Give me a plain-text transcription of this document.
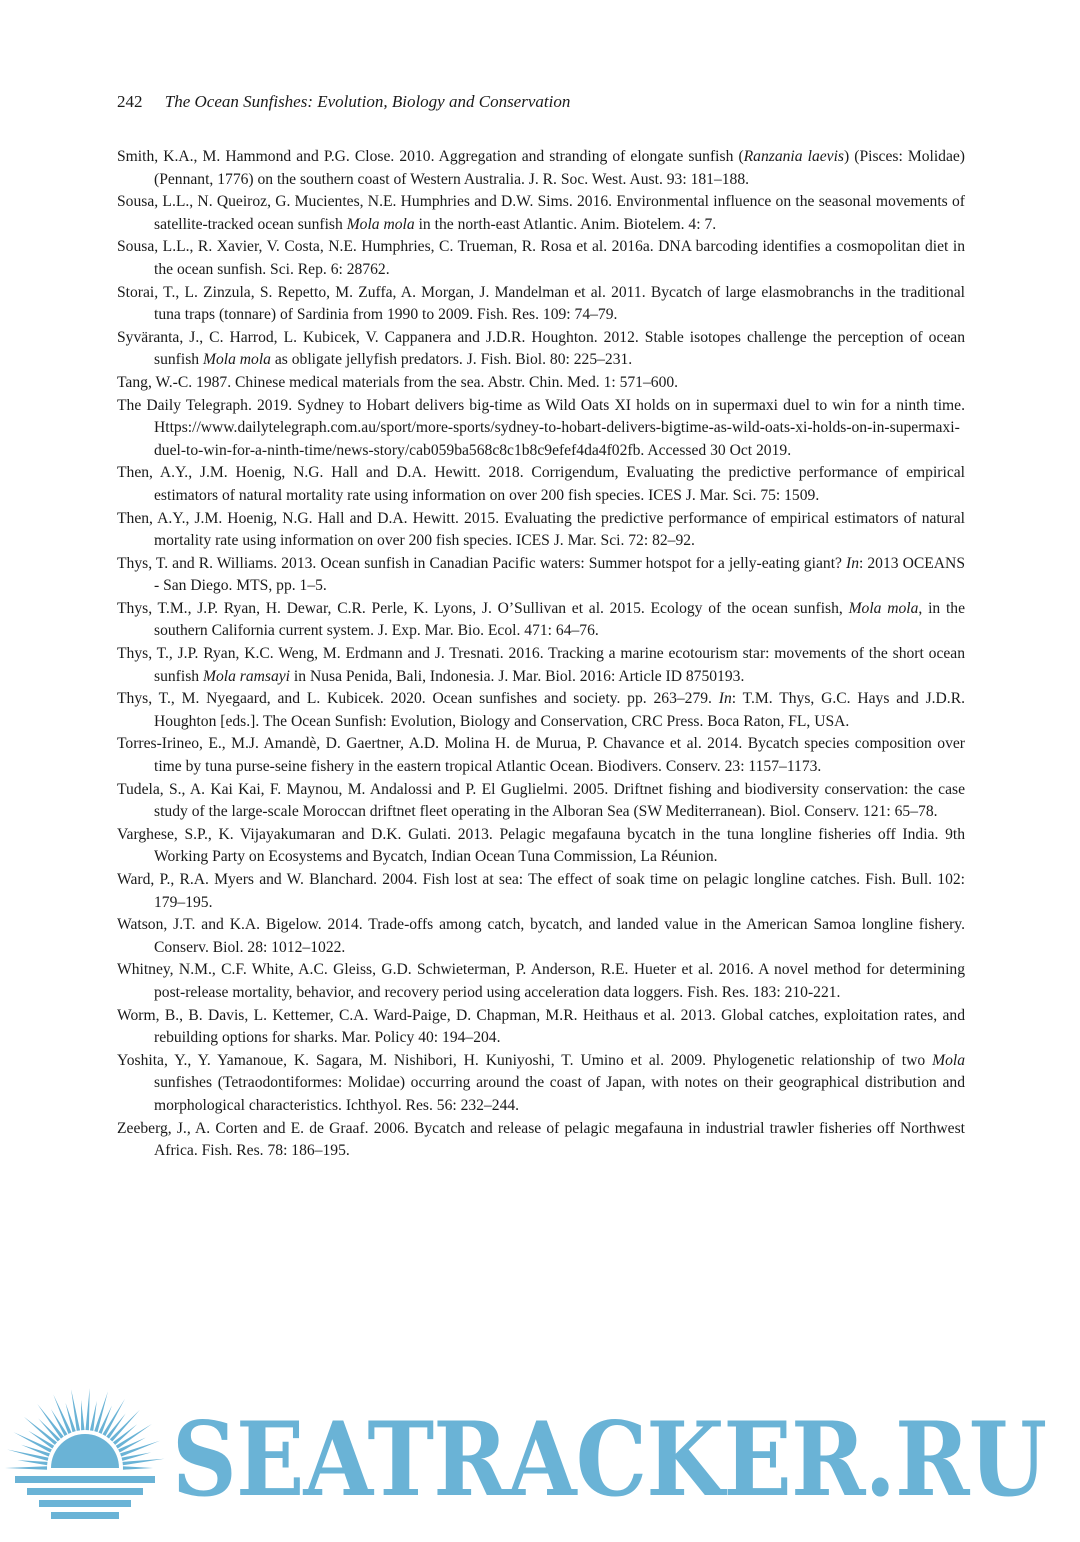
242 The Ocean Sunfishes: Evolution, Biology and Conservation

Smith, K.A., M. Hammond and P.G. Close. 2010. Aggregation and stranding of elongate sunfish (Ranzania laevis) (Pisces: Molidae) (Pennant, 1776) on the southern coast of Western Australia. J. R. Soc. West. Aust. 93: 181–188.

Sousa, L.L., N. Queiroz, G. Mucientes, N.E. Humphries and D.W. Sims. 2016. Environmental influence on the seasonal movements of satellite-tracked ocean sunfish Mola mola in the north-east Atlantic. Anim. Biotelem. 4: 7.

Sousa, L.L., R. Xavier, V. Costa, N.E. Humphries, C. Trueman, R. Rosa et al. 2016a. DNA barcoding identifies a cosmopolitan diet in the ocean sunfish. Sci. Rep. 6: 28762.

Storai, T., L. Zinzula, S. Repetto, M. Zuffa, A. Morgan, J. Mandelman et al. 2011. Bycatch of large elasmobranchs in the traditional tuna traps (tonnare) of Sardinia from 1990 to 2009. Fish. Res. 109: 74–79.

Syväranta, J., C. Harrod, L. Kubicek, V. Cappanera and J.D.R. Houghton. 2012. Stable isotopes challenge the perception of ocean sunfish Mola mola as obligate jellyfish predators. J. Fish. Biol. 80: 225–231.

Tang, W.-C. 1987. Chinese medical materials from the sea. Abstr. Chin. Med. 1: 571–600.

The Daily Telegraph. 2019. Sydney to Hobart delivers big-time as Wild Oats XI holds on in supermaxi duel to win for a ninth time. Https://www.dailytelegraph.com.au/sport/more-sports/sydney-to-hobart-delivers-bigtime-as-wild-oats-xi-holds-on-in-supermaxi-duel-to-win-for-a-ninth-time/news-story/cab059ba568c8c1b8c9efef4da4f02fb. Accessed 30 Oct 2019.

Then, A.Y., J.M. Hoenig, N.G. Hall and D.A. Hewitt. 2018. Corrigendum, Evaluating the predictive performance of empirical estimators of natural mortality rate using information on over 200 fish species. ICES J. Mar. Sci. 75: 1509.

Then, A.Y., J.M. Hoenig, N.G. Hall and D.A. Hewitt. 2015. Evaluating the predictive performance of empirical estimators of natural mortality rate using information on over 200 fish species. ICES J. Mar. Sci. 72: 82–92.

Thys, T. and R. Williams. 2013. Ocean sunfish in Canadian Pacific waters: Summer hotspot for a jelly-eating giant? In: 2013 OCEANS - San Diego. MTS, pp. 1–5.

Thys, T.M., J.P. Ryan, H. Dewar, C.R. Perle, K. Lyons, J. O’Sullivan et al. 2015. Ecology of the ocean sunfish, Mola mola, in the southern California current system. J. Exp. Mar. Bio. Ecol. 471: 64–76.

Thys, T., J.P. Ryan, K.C. Weng, M. Erdmann and J. Tresnati. 2016. Tracking a marine ecotourism star: movements of the short ocean sunfish Mola ramsayi in Nusa Penida, Bali, Indonesia. J. Mar. Biol. 2016: Article ID 8750193.

Thys, T., M. Nyegaard, and L. Kubicek. 2020. Ocean sunfishes and society. pp. 263–279. In: T.M. Thys, G.C. Hays and J.D.R. Houghton [eds.]. The Ocean Sunfish: Evolution, Biology and Conservation, CRC Press. Boca Raton, FL, USA.

Torres-Irineo, E., M.J. Amandè, D. Gaertner, A.D. Molina H. de Murua, P. Chavance et al. 2014. Bycatch species composition over time by tuna purse-seine fishery in the eastern tropical Atlantic Ocean. Biodivers. Conserv. 23: 1157–1173.

Tudela, S., A. Kai Kai, F. Maynou, M. Andalossi and P. El Guglielmi. 2005. Driftnet fishing and biodiversity conservation: the case study of the large-scale Moroccan driftnet fleet operating in the Alboran Sea (SW Mediterranean). Biol. Conserv. 121: 65–78.

Varghese, S.P., K. Vijayakumaran and D.K. Gulati. 2013. Pelagic megafauna bycatch in the tuna longline fisheries off India. 9th Working Party on Ecosystems and Bycatch, Indian Ocean Tuna Commission, La Réunion.

Ward, P., R.A. Myers and W. Blanchard. 2004. Fish lost at sea: The effect of soak time on pelagic longline catches. Fish. Bull. 102: 179–195.

Watson, J.T. and K.A. Bigelow. 2014. Trade-offs among catch, bycatch, and landed value in the American Samoa longline fishery. Conserv. Biol. 28: 1012–1022.

Whitney, N.M., C.F. White, A.C. Gleiss, G.D. Schwieterman, P. Anderson, R.E. Hueter et al. 2016. A novel method for determining post-release mortality, behavior, and recovery period using acceleration data loggers. Fish. Res. 183: 210-221.

Worm, B., B. Davis, L. Kettemer, C.A. Ward-Paige, D. Chapman, M.R. Heithaus et al. 2013. Global catches, exploitation rates, and rebuilding options for sharks. Mar. Policy 40: 194–204.

Yoshita, Y., Y. Yamanoue, K. Sagara, M. Nishibori, H. Kuniyoshi, T. Umino et al. 2009. Phylogenetic relationship of two Mola sunfishes (Tetraodontiformes: Molidae) occurring around the coast of Japan, with notes on their geographical distribution and morphological characteristics. Ichthyol. Res. 56: 232–244.

Zeeberg, J., A. Corten and E. de Graaf. 2006. Bycatch and release of pelagic megafauna in industrial trawler fisheries off Northwest Africa. Fish. Res. 78: 186–195.

SEATRACKER.RU
